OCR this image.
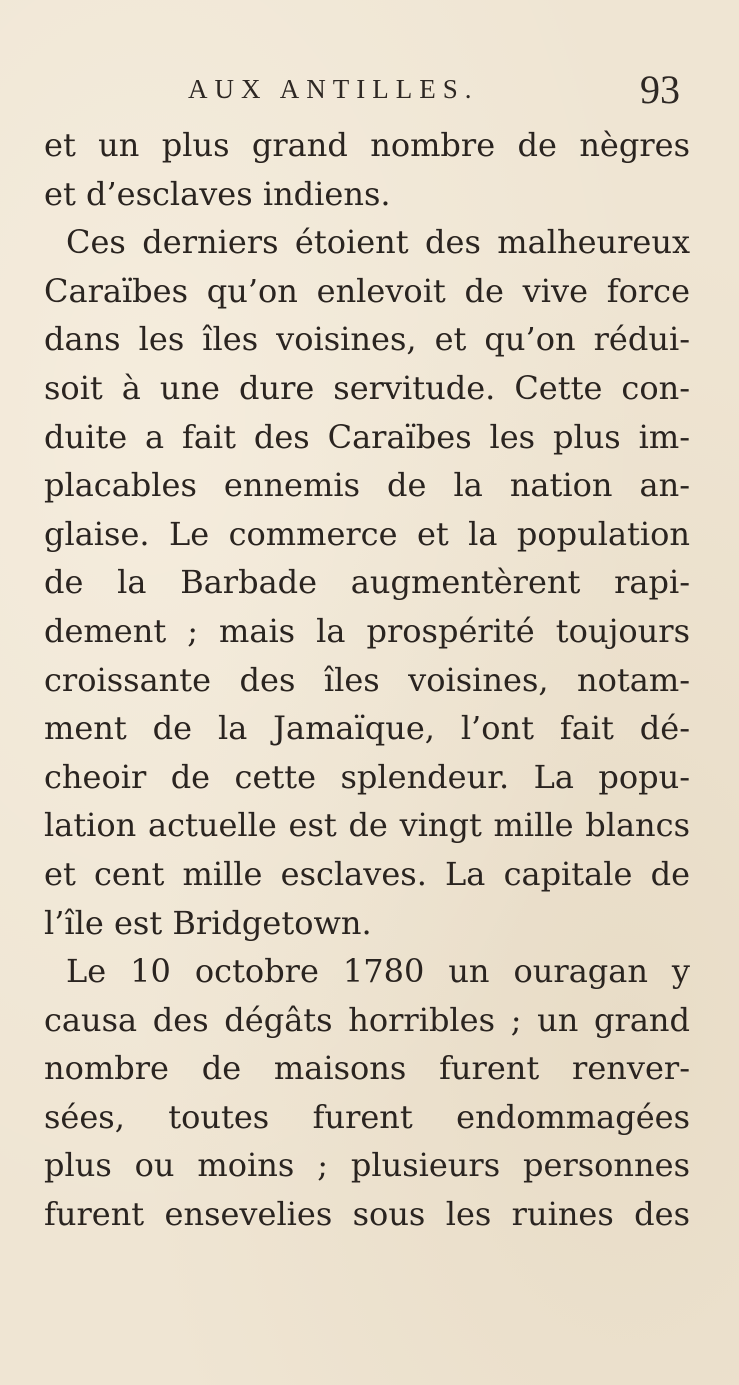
AUX ANTILLES.	93
et un plus grand nombre de nègres
et d’esclaves indiens.
Ces derniers étoient des malheureux
Caraïbes qu’on enlevoit de vive force
dans les îles voisines, et qu’on rédui-
soit à une dure servitude. Cette con-
duite a fait des Caraïbes les plus im-
placables ennemis de la nation an-
glaise. Le commerce et la population
de la Barbade augmentèrent rapi-
dement ; mais la prospérité toujours
croissante des îles voisines, notam-
ment de la Jamaïque, l’ont fait dé-
cheoir de cette splendeur. La popu-
lation actuelle est de vingt mille blancs
et cent mille esclaves. La capitale de
l’île est Bridgetown.
Le 10 octobre 1780 un ouragan y
causa des dégâts horribles ; un grand
nombre de maisons furent renver-
sées, toutes furent endommagées
plus ou moins ; plusieurs personnes
furent ensevelies sous les ruines des
